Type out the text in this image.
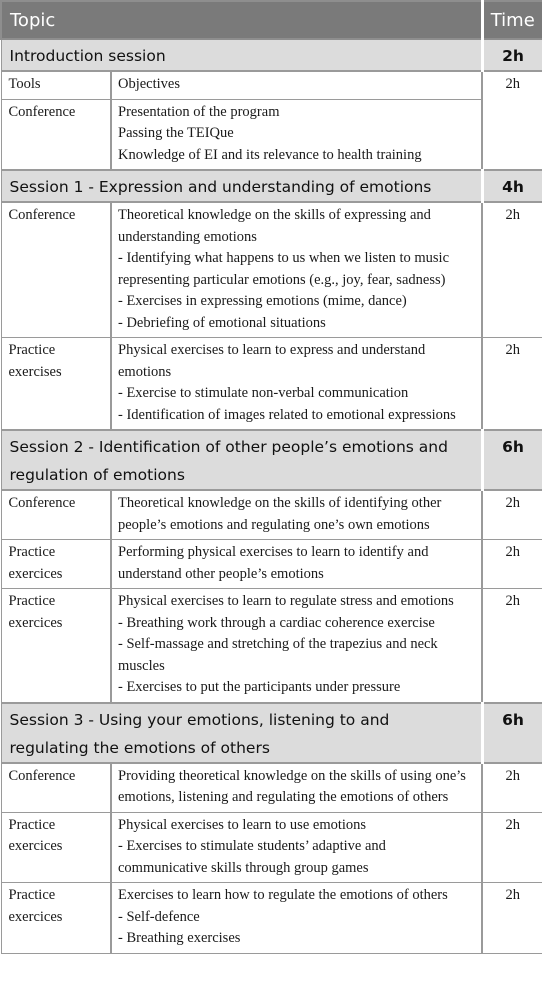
Topic		Time
Introduction session		2h

Tools	Objectives	2h

Conference	Presentation of the program
Passing the TEIQue
Knowledge of EI and its relevance to health training	

Session 1 - Expression and understanding of emotions		4h

Conference	Theoretical knowledge on the skills of expressing and understanding emotions
- Identifying what happens to us when we listen to music representing particular emotions (e.g., joy, fear, sadness)
- Exercises in expressing emotions (mime, dance)
- Debriefing of emotional situations	2h

Practice
exercises	Physical exercises to learn to express and understand emotions
- Exercise to stimulate non-verbal communication
- Identification of images related to emotional expressions	2h
Session 2 - Identification of other people’s emotions and regulation of emotions		6h

Conference	Theoretical knowledge on the skills of identifying other people’s emotions and regulating one’s own emotions	2h

Practice
exercices	Performing physical exercises to learn to identify and understand other people’s emotions	2h

Practice
exercices	Physical exercises to learn to regulate stress and emotions
- Breathing work through a cardiac coherence exercise
- Self-massage and stretching of the trapezius and neck muscles
- Exercises to put the participants under pressure	2h
Session 3 - Using your emotions, listening to and regulating the emotions of others		6h

Conference	Providing theoretical knowledge on the skills of using one’s emotions, listening and regulating the emotions of others	2h

Practice
exercices	Physical exercises to learn to use emotions
- Exercises to stimulate students’ adaptive and communicative skills through group games	2h

Practice
exercices	Exercises to learn how to regulate the emotions of others
- Self-defence
- Breathing exercises	2h
